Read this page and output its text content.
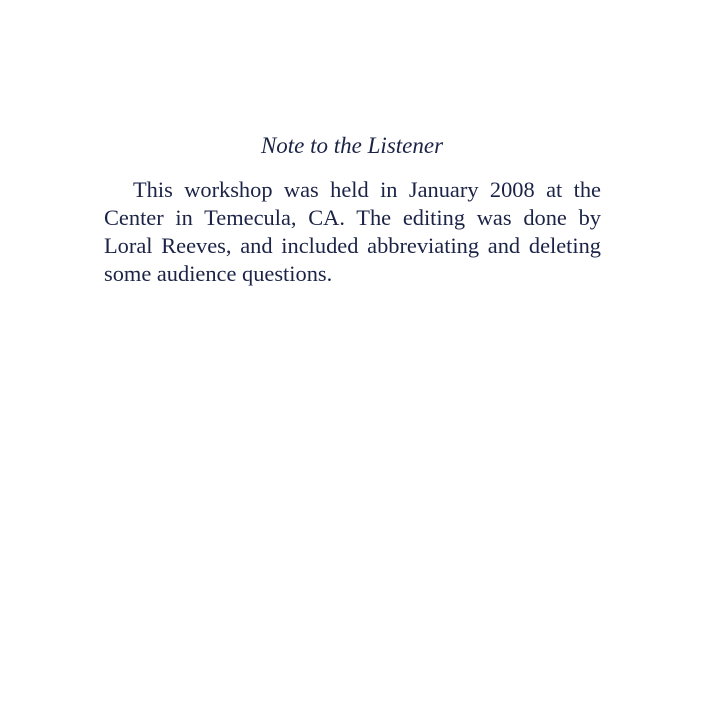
Note to the Listener

This workshop was held in January 2008 at the Center in Temecula, CA. The editing was done by Loral Reeves, and included abbreviating and deleting some audience questions.
